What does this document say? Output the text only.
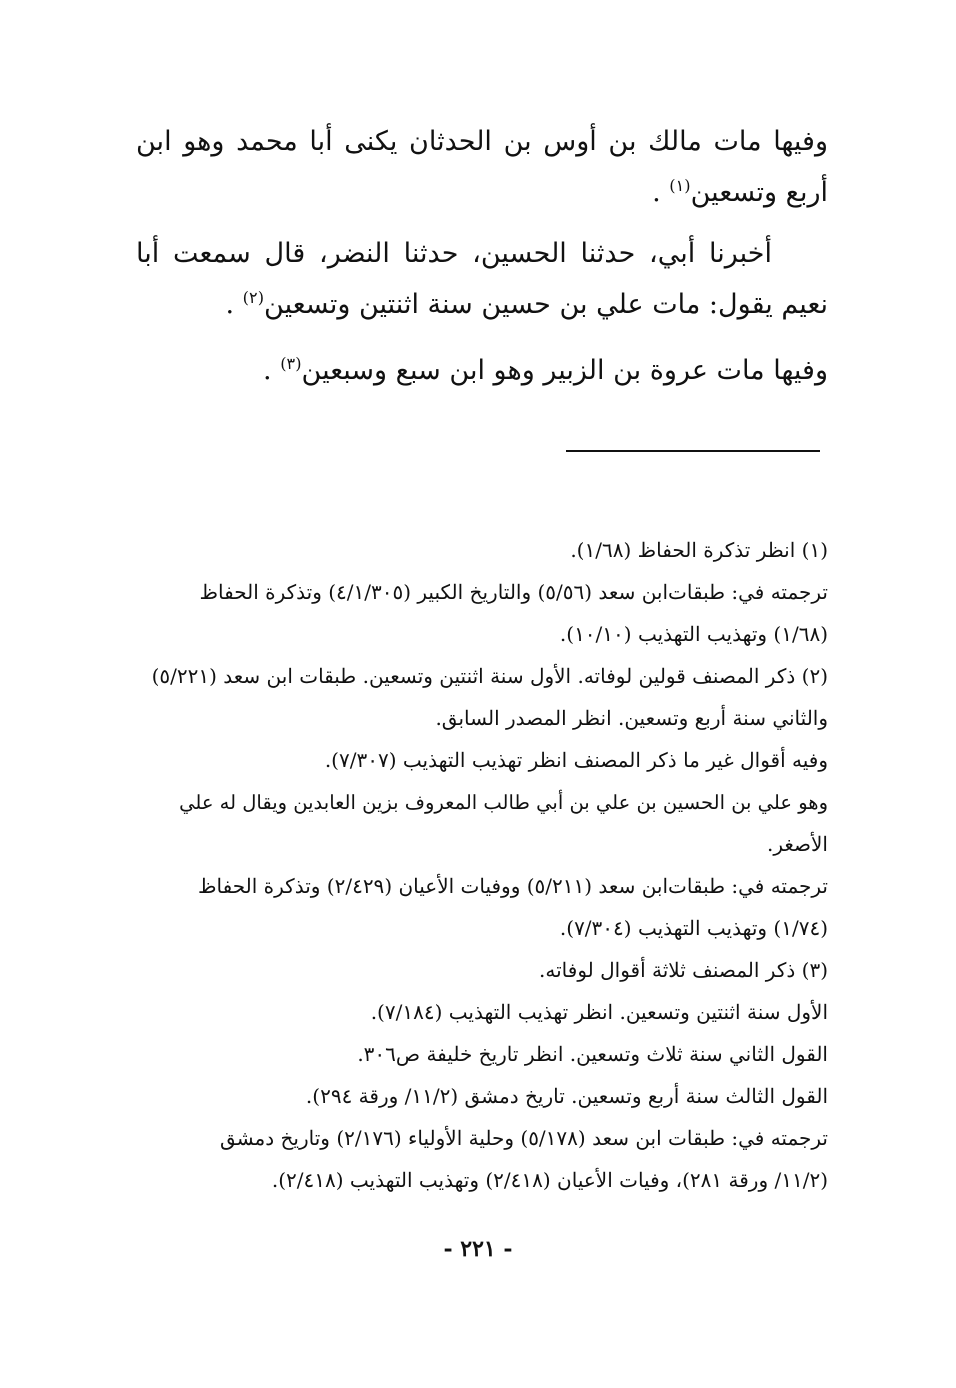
وفيها مات مالك بن أوس بن الحدثان يكنى أبا محمد وهو ابن أربع وتسعين$^{(١)}$ .

أخبرنا أبي، حدثنا الحسين، حدثنا النضر، قال سمعت أبا نعيم يقول: مات علي بن حسين سنة اثنتين وتسعين$^{(٢)}$ .

وفيها مات عروة بن الزبير وهو ابن سبع وسبعين$^{(٣)}$ .

(١) انظر تذكرة الحفاظ (١/٦٨).
ترجمته في: طبقات‌ابن سعد (٥/٥٦) والتاريخ الكبير (٤/١/٣٠٥) وتذكرة الحفاظ
(١/٦٨) وتهذيب التهذيب (١٠/١٠).
(٢) ذكر المصنف قولين لوفاته. الأول سنة اثنتين وتسعين. طبقات ابن سعد (٥/٢٢١)
والثاني سنة أربع وتسعين. انظر المصدر السابق.
وفيه أقوال غير ما ذكر المصنف انظر تهذيب التهذيب (٧/٣٠٧).
وهو علي بن الحسين بن علي بن أبي طالب المعروف بزين العابدين ويقال له علي
الأصغر.
ترجمته في: طبقات‌ابن سعد (٥/٢١١) ووفيات الأعيان (٢/٤٢٩) وتذكرة الحفاظ
(١/٧٤) وتهذيب التهذيب (٧/٣٠٤).
(٣) ذكر المصنف ثلاثة أقوال لوفاته.
الأول سنة اثنتين وتسعين. انظر تهذيب التهذيب (٧/١٨٤).
القول الثاني سنة ثلاث وتسعين. انظر تاريخ خليفة ص٣٠٦.
القول الثالث سنة أربع وتسعين. تاريخ دمشق (١١/٢/ ورقة ٢٩٤).
ترجمته في: طبقات ابن سعد (٥/١٧٨) وحلية الأولياء (٢/١٧٦) وتاريخ دمشق
(١١/٢/ ورقة ٢٨١)، وفيات الأعيان (٢/٤١٨) وتهذيب التهذيب (٢/٤١٨).
- ٢٢١ -
